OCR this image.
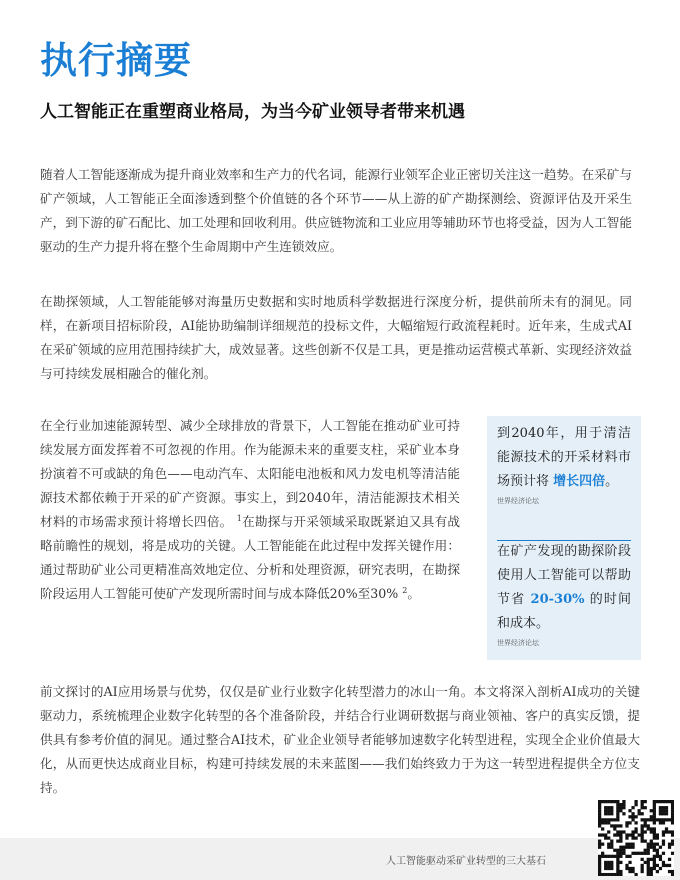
执行摘要
人工智能正在重塑商业格局，为当今矿业领导者带来机遇

随着人工智能逐渐成为提升商业效率和生产力的代名词，能源行业领军企业正密切关注这一趋势。在采矿与矿产领域，人工智能正全面渗透到整个价值链的各个环节——从上游的矿产勘探测绘、资源评估及开采生产，到下游的矿石配比、加工处理和回收利用。供应链物流和工业应用等辅助环节也将受益，因为人工智能驱动的生产力提升将在整个生命周期中产生连锁效应。

在勘探领域，人工智能能够对海量历史数据和实时地质科学数据进行深度分析，提供前所未有的洞见。同样，在新项目招标阶段，AI能协助编制详细规范的投标文件，大幅缩短行政流程耗时。近年来，生成式AI在采矿领域的应用范围持续扩大，成效显著。这些创新不仅是工具，更是推动运营模式革新、实现经济效益与可持续发展相融合的催化剂。

在全行业加速能源转型、减少全球排放的背景下，人工智能在推动矿业可持续发展方面发挥着不可忽视的作用。作为能源未来的重要支柱，采矿业本身扮演着不可或缺的角色——电动汽车、太阳能电池板和风力发电机等清洁能源技术都依赖于开采的矿产资源。事实上，到2040年，清洁能源技术相关材料的市场需求预计将增长四倍。 $^1$在勘探与开采领域采取既紧迫又具有战略前瞻性的规划，将是成功的关键。人工智能能在此过程中发挥关键作用：通过帮助矿业公司更精准高效地定位、分析和处理资源，研究表明，在勘探阶段运用人工智能可使矿产发现所需时间与成本降低20%至30% $^2$。

前文探讨的AI应用场景与优势，仅仅是矿业行业数字化转型潜力的冰山一角。本文将深入剖析AI成功的关键驱动力，系统梳理企业数字化转型的各个准备阶段，并结合行业调研数据与商业领袖、客户的真实反馈，提供具有参考价值的洞见。通过整合AI技术，矿业企业领导者能够加速数字化转型进程，实现全企业价值最大化，从而更快达成商业目标，构建可持续发展的未来蓝图——我们始终致力于为这一转型进程提供全方位支持。

到2040年，用于清洁能源技术的开采材料市场预计将 增长四倍。
世界经济论坛
在矿产发现的勘探阶段使用人工智能可以帮助节省 20-30% 的时间和成本。
世界经济论坛
人工智能驱动采矿业转型的三大基石
